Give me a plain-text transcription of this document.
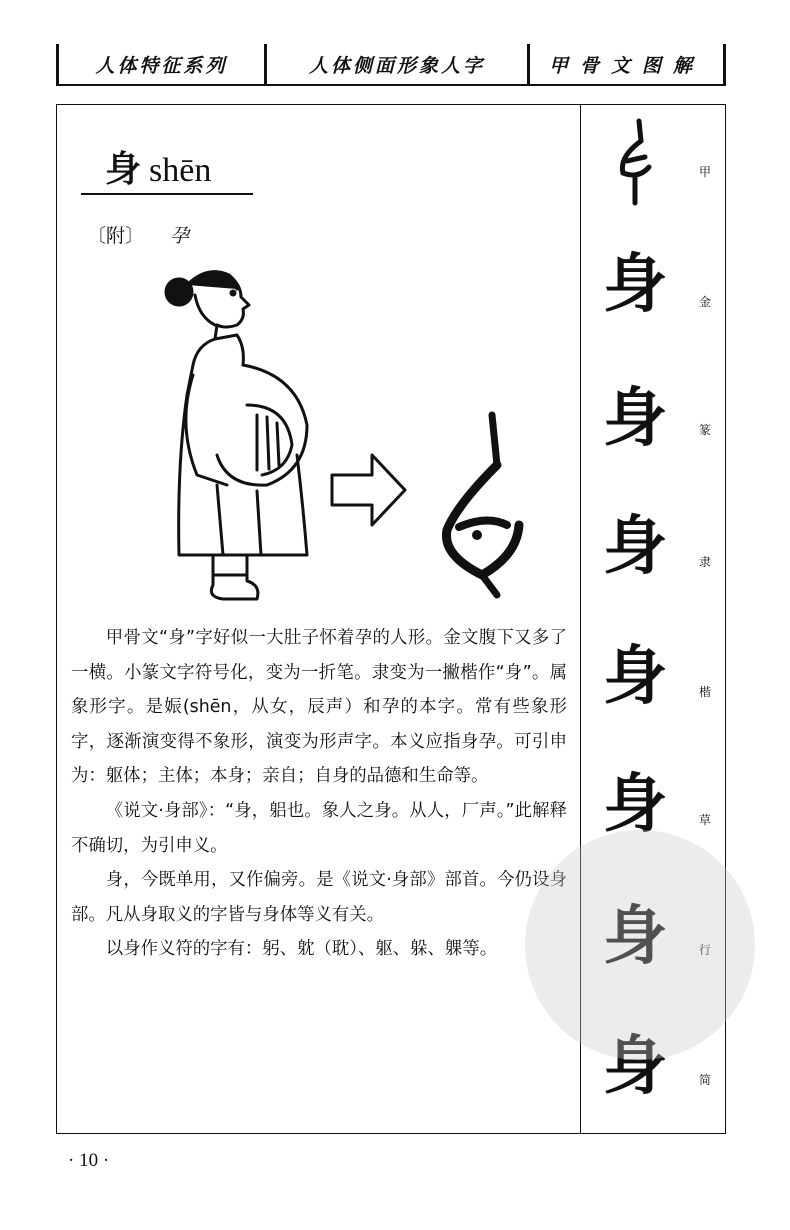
人体特征系列	人体侧面形象人字	甲骨文图解
身 shēn
〔附〕 孕

甲骨文“身”字好似一大肚子怀着孕的人形。金文腹下又多了一横。小篆文字符号化，变为一折笔。隶变为一撇楷作“身”。属象形字。是娠(shēn，从女，辰声）和孕的本字。常有些象形字，逐渐演变得不象形，演变为形声字。本义应指身孕。可引申为：躯体；主体；本身；亲自；自身的品德和生命等。

《说文·身部》：“身，躳也。象人之身。从人，厂声。”此解释不确切，为引申义。

身，今既单用，又作偏旁。是《说文·身部》部首。今仍设身部。凡从身取义的字皆与身体等义有关。

以身作义符的字有：躬、躭（耽）、躯、躲、躶等。

甲
身	金
身	篆
身	隶
身	楷
身	草
身	行
身	简
· 10 ·
